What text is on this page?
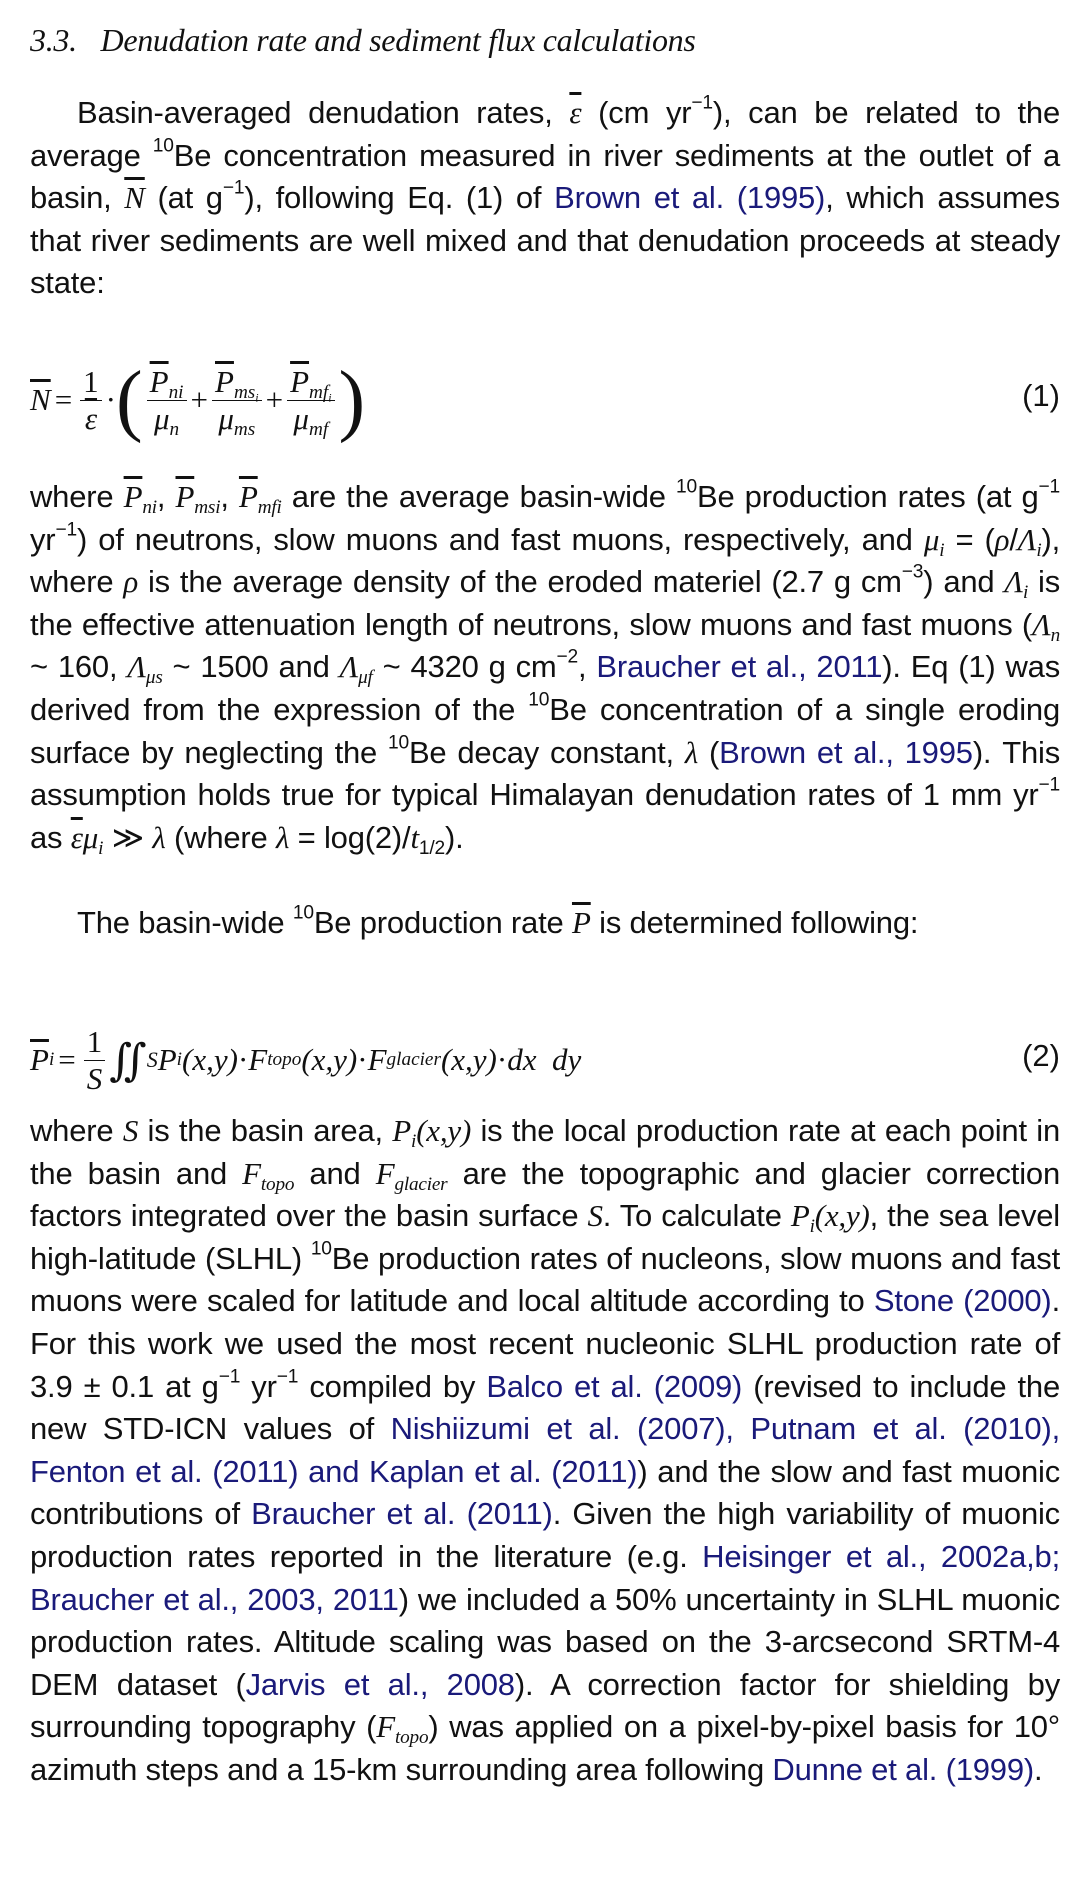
3.3. Denudation rate and sediment flux calculations

Basin-averaged denudation rates, $\overline{\varepsilon}$ (cm $yr^{-1}$), can be related to the average $^{10}$Be concentration measured in river sediments at the outlet of a basin, $\overline{N}$ (at $g^{-1}$), following Eq. (1) of Brown et al. (1995), which assumes that river sediments are well mixed and that denudation proceeds at steady state:

$\overline{N} = \frac{1}{\varepsilon}$ · ( $\frac{\overline{P}_{ni}}{\mu_n} + \frac{\overline{P}_{ms_i}}{\mu_{ms}} + \frac{\overline{P}_{mf_i}}{\mu_{mf}}$ )	(1)

where $\overline{P}_{ni}$, $\overline{P}_{msi}$, $\overline{P}_{mfi}$ are the average basin-wide $^{10}$Be production rates (at $g^{-1}$ $yr^{-1}$) of neutrons, slow muons and fast muons, respectively, and $\mu_i = (\rho/\Lambda_i)$, where ρ is the average density of the eroded materiel (2.7 g $cm^{-3}$) and $\Lambda_i$ is the effective attenuation length of neutrons, slow muons and fast muons ($\Lambda_n$ ~ 160, $\Lambda_{\mu s}$ ~ 1500 and $\Lambda_{\mu f}$ ~ 4320 g $cm^{-2}$, Braucher et al., 2011). Eq (1) was derived from the expression of the $^{10}$Be concentration of a single eroding surface by neglecting the $^{10}$Be decay constant, λ (Brown et al., 1995). This assumption holds true for typical Himalayan denudation rates of 1 mm $yr^{-1}$ as $\overline{\varepsilon}\mu_i$ ≫ λ (where $\lambda = \log(2)/t_{1/2}$).

The basin-wide $^{10}$Be production rate $\overline{P}$ is determined following:

$\overline{P}$ $i = \frac{1}{S}$ ∬ S P i (x,y) · F topo (x,y) · F glacier (x,y) · dx  dy	(2)

where S is the basin area, $P_i(x,y)$ is the local production rate at each point in the basin and $F_{topo}$ and $F_{glacier}$ are the topographic and glacier correction factors integrated over the basin surface S. To calculate $P_i(x,y)$, the sea level high-latitude (SLHL) $^{10}$Be production rates of nucleons, slow muons and fast muons were scaled for latitude and local altitude according to Stone (2000). For this work we used the most recent nucleonic SLHL production rate of 3.9 ± 0.1 at $g^{-1}$ $yr^{-1}$ compiled by Balco et al. (2009) (revised to include the new STD-ICN values of Nishiizumi et al. (2007), Putnam et al. (2010), Fenton et al. (2011) and Kaplan et al. (2011)) and the slow and fast muonic contributions of Braucher et al. (2011). Given the high variability of muonic production rates reported in the literature (e.g. Heisinger et al., 2002a,b; Braucher et al., 2003, 2011) we included a 50% uncertainty in SLHL muonic production rates. Altitude scaling was based on the 3-arcsecond SRTM-4 DEM dataset (Jarvis et al., 2008). A correction factor for shielding by surrounding topography $(F_{topo})$ was applied on a pixel-by-pixel basis for 10° azimuth steps and a 15-km surrounding area following Dunne et al. (1999).
